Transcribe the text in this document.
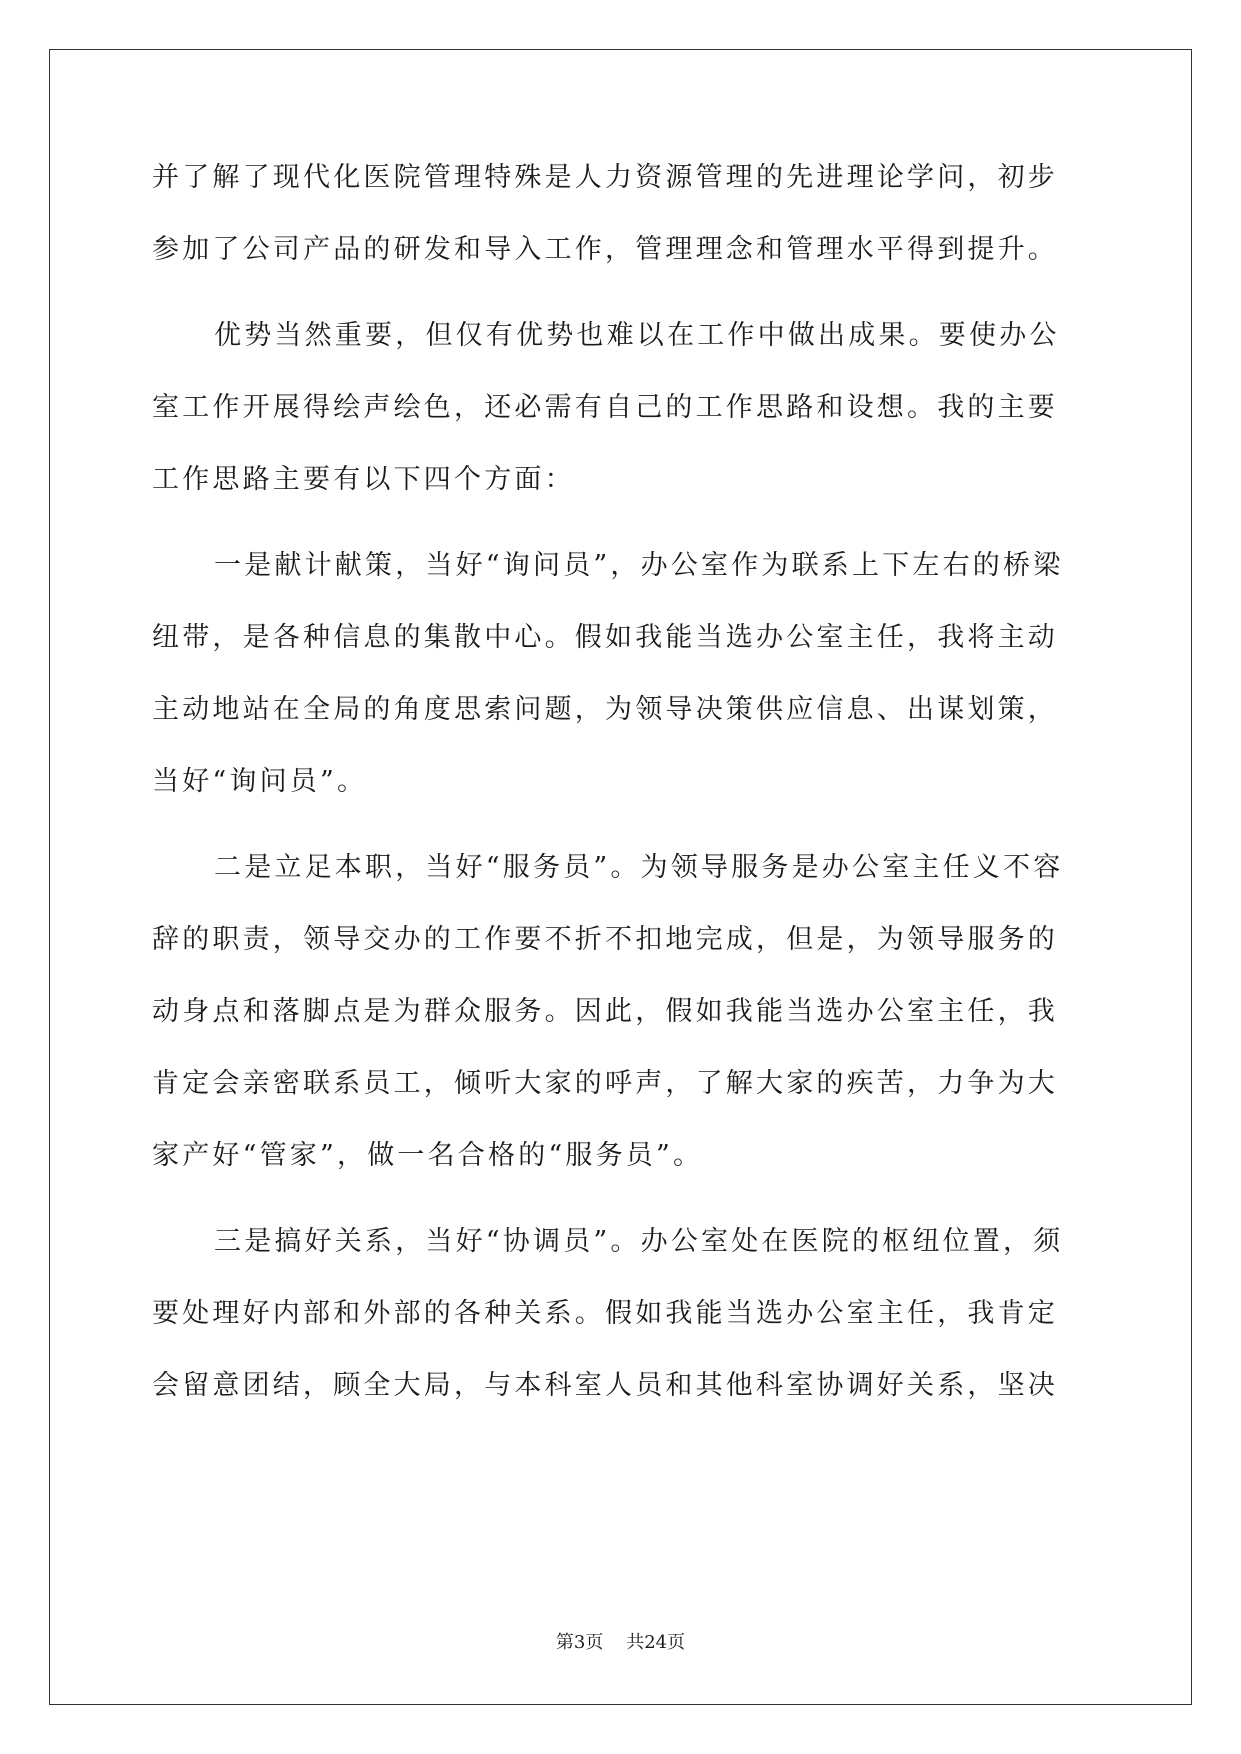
并了解了现代化医院管理特殊是人力资源管理的先进理论学问，初步
参加了公司产品的研发和导入工作，管理理念和管理水平得到提升。
优势当然重要，但仅有优势也难以在工作中做出成果。要使办公
室工作开展得绘声绘色，还必需有自己的工作思路和设想。我的主要
工作思路主要有以下四个方面：
一是献计献策，当好“询问员”，办公室作为联系上下左右的桥梁
纽带，是各种信息的集散中心。假如我能当选办公室主任，我将主动
主动地站在全局的角度思索问题，为领导决策供应信息、出谋划策，
当好“询问员”。
二是立足本职，当好“服务员”。为领导服务是办公室主任义不容
辞的职责，领导交办的工作要不折不扣地完成，但是，为领导服务的
动身点和落脚点是为群众服务。因此，假如我能当选办公室主任，我
肯定会亲密联系员工，倾听大家的呼声，了解大家的疾苦，力争为大
家产好“管家”，做一名合格的“服务员”。
三是搞好关系，当好“协调员”。办公室处在医院的枢纽位置，须
要处理好内部和外部的各种关系。假如我能当选办公室主任，我肯定
会留意团结，顾全大局，与本科室人员和其他科室协调好关系，坚决
第3页 共24页
